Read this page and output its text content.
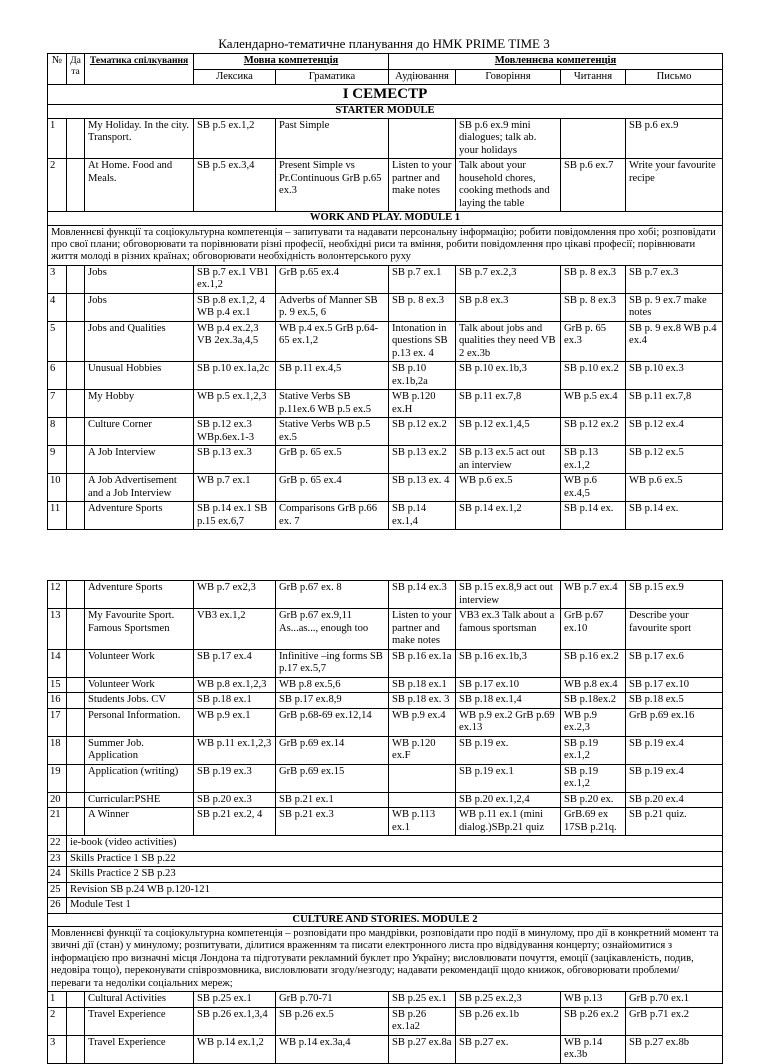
Календарно-тематичне планування до НМК PRIME TIME 3
№	Да та	Тематика спілкування	Мовна компетенція		Мовленнєва компетенція			
			Лексика	Граматика	Аудіювання	Говоріння	Читання	Письмо
І СЕМЕСТР								
STARTER MODULE								
1		My Holiday. In the city. Transport.	SB p.5 ex.1,2	Past Simple		SB p.6 ex.9 mini dialogues; talk ab. your holidays		SB p.6 ex.9
2		At Home. Food and Meals.	SB p.5 ex.3,4	Present Simple vs Pr.Continuous GrB p.65 ex.3	Listen to your partner and make notes	Talk about your household chores, cooking methods and laying the table	SB p.6 ex.7	Write your favourite recipe
WORK AND PLAY. MODULE 1								
Мовленнєві функції та соціокультурна компетенція – запитувати та надавати персональну інформацію; робити повідомлення про хобі; розповідати про свої плани; обговорювати та порівнювати різні професії, необхідні риси та вміння, робити повідомлення про цікаві професії; порівнювати життя молоді в різних країнах; обговорювати необхідність волонтерського руху								
3		Jobs	SB p.7 ex.1 VB1 ex.1,2	GrB p.65 ex.4	SB p.7 ex.1	SB p.7 ex.2,3	SB p. 8 ex.3	SB p.7 ex.3
4		Jobs	SB p.8 ex.1,2, 4 WB p.4 ex.1	Adverbs of Manner SB p. 9 ex.5, 6	SB p. 8 ex.3	SB p.8 ex.3	SB p. 8 ex.3	SB p. 9 ex.7 make notes
5		Jobs and Qualities	WB p.4 ex.2,3 VB 2ex.3a,4,5	WB p.4 ex.5 GrB p.64-65 ex.1,2	Intonation in questions SB p.13 ex. 4	Talk about jobs and qualities they need VB 2 ex.3b	GrB p. 65 ex.3	SB p. 9 ex.8 WB p.4 ex.4
6		Unusual Hobbies	SB p.10 ex.1a,2c	SB p.11 ex.4,5	SB p.10 ex.1b,2a	SB p.10 ex.1b,3	SB p.10 ex.2	SB p.10 ex.3
7		My Hobby	WB p.5 ex.1,2,3	Stative Verbs SB p.11ex.6 WB p.5 ex.5	WB p.120 ex.H	SB p.11 ex.7,8	WB p.5 ex.4	SB p.11 ex.7,8
8		Culture Corner	SB p.12 ex.3 WBp.6ex.1-3	Stative Verbs WB p.5 ex.5	SB p.12 ex.2	SB p.12 ex.1,4,5	SB p.12 ex.2	SB p.12 ex.4
9		A Job Interview	SB p.13 ex.3	GrB p. 65 ex.5	SB p.13 ex.2	SB p.13 ex.5 act out an interview	SB p.13 ex.1,2	SB p.12 ex.5
10		A Job Advertisement and a Job Interview	WB p.7 ex.1	GrB p. 65 ex.4	SB p.13 ex. 4	WB p.6 ex.5	WB p.6 ex.4,5	WB p.6 ex.5
11		Adventure Sports	SB p.14 ex.1 SB p.15 ex.6,7	Comparisons GrB p.66 ex. 7	SB p.14 ex.1,4	SB p.14 ex.1,2	SB p.14 ex.	SB p.14 ex.
12		Adventure Sports	WB p.7 ex2,3	GrB p.67 ex. 8	SB p.14 ex.3	SB p.15 ex.8,9 act out interview	WB p.7 ex.4	SB p.15 ex.9
13		My Favourite Sport. Famous Sportsmen	VB3 ex.1,2	GrB p.67 ex.9,11 As...as..., enough too	Listen to your partner and make notes	VB3 ex.3 Talk about a famous sportsman	GrB p.67 ex.10	Describe your favourite sport
14		Volunteer Work	SB p.17 ex.4	Infinitive –ing forms SB p.17 ex.5,7	SB p.16 ex.1a	SB p.16 ex.1b,3	SB p.16 ex.2	SB p.17 ex.6
15		Volunteer Work	WB p.8 ex.1,2,3	WB p.8 ex.5,6	SB p.18 ex.1	SB p.17 ex.10	WB p.8 ex.4	SB p.17 ex.10
16		Students Jobs. CV	SB p.18 ex.1	SB p.17 ex.8,9	SB p.18 ex. 3	SB p.18 ex.1,4	SB p.18ex.2	SB p.18 ex.5
17		Personal Information.	WB p.9 ex.1	GrB p.68-69 ex.12,14	WB p.9 ex.4	WB p.9 ex.2 GrB p.69 ex.13	WB p.9 ex.2,3	GrB p.69 ex.16
18		Summer Job. Application	WB p.11 ex.1,2,3	GrB p.69 ex.14	WB p.120 ex.F	SB p.19 ex.	SB p.19 ex.1,2	SB p.19 ex.4
19		Application (writing)	SB p.19 ex.3	GrB p.69 ex.15		SB p.19 ex.1	SB p.19 ex.1,2	SB p.19 ex.4
20		Curricular:PSHE	SB p.20 ex.3	SB p.21 ex.1		SB p.20 ex.1,2,4	SB p.20 ex.	SB p.20 ex.4
21		A Winner	SB p.21 ex.2, 4	SB p.21 ex.3	WB p.113 ex.1	WB p.11 ex.1 (mini dialog.)SBp.21 quiz	GrB.69 ex 17SB p.21q.	SB p.21 quiz.
22	ie-book (video activities)							
23	Skills Practice 1 SB p.22							
24	Skills Practice 2 SB p.23							
25	Revision SB p.24 WB p.120-121							
26	Module Test 1							
CULTURE AND STORIES. MODULE 2								
Мовленнєві функції та соціокультурна компетенція – розповідати про мандрівки, розповідати про події в минулому, про дії в конкретний момент та звичні дії (стан) у минулому; розпитувати, ділитися враженням та писати електронного листа про відвідування концерту; ознайомитися з інформацією про визначні місця Лондона та підготувати рекламний буклет про Україну; висловлювати почуття, емоції (зацікавленість, подив, недовіра тощо), переконувати співрозмовника, висловлювати згоду/незгоду; надавати рекомендації щодо книжок, обговорювати проблеми/переваги та недоліки соціальних мереж;								
1		Cultural Activities	SB p.25 ex.1	GrB p.70-71	SB p.25 ex.1	SB p.25 ex.2,3	WB p.13	GrB p.70 ex.1
2		Travel Experience	SB p.26 ex.1,3,4	SB p.26 ex.5	SB p.26 ex.1a2	SB p.26 ex.1b	SB p.26 ex.2	GrB p.71 ex.2
3		Travel Experience	WB p.14 ex.1,2	WB p.14 ex.3a,4	SB p.27 ex.8a	SB p.27 ex.	WB p.14 ex.3b	SB p.27 ex.8b
